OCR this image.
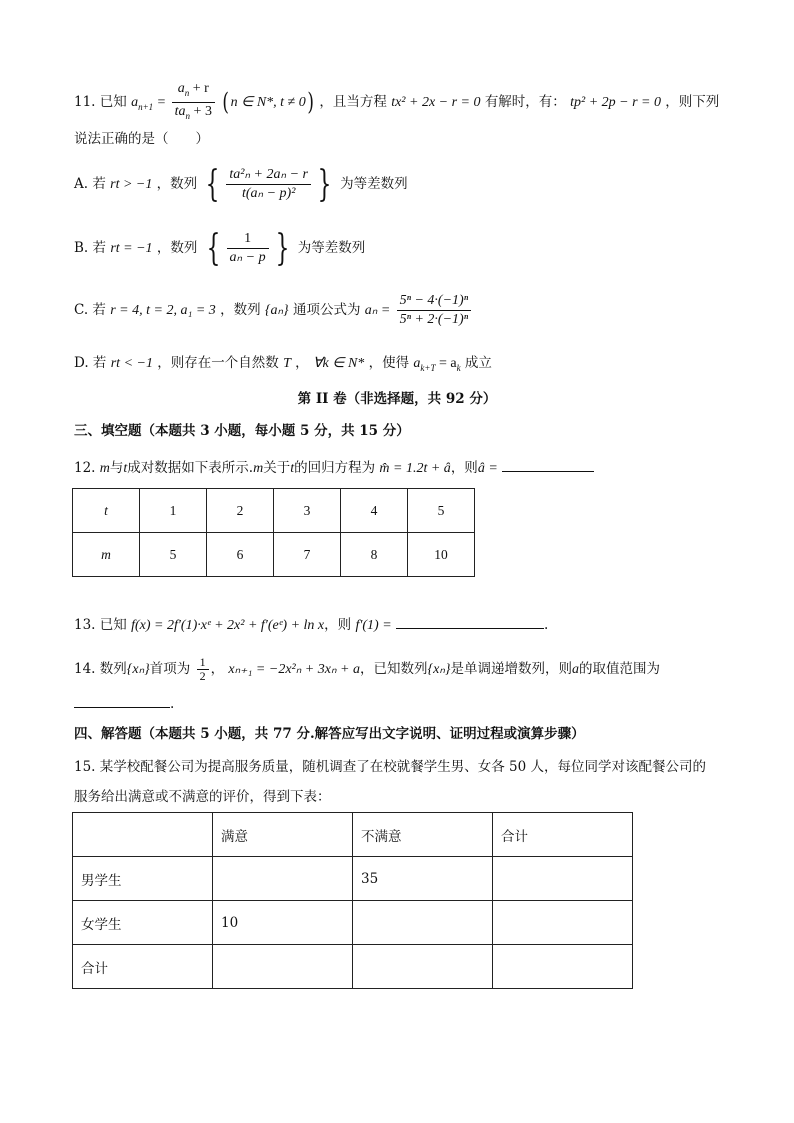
11. 已知 $a_{n+1} = \frac{a_n + r}{ta_n + 3} (n$ ∈ N*, t ≠ 0) ，且当方程 tx² + 2x − r = 0 有解时，有： tp² + 2p − r = 0 ，则下列
说法正确的是（　　）
A. 若 rt > −1 ，数列 { $\frac{\text{ta²ₙ + 2aₙ − r}}{\text{t(aₙ − p)²}}$ } 为等差数列
B. 若 rt = −1 ，数列 { $\frac{1}{\text{aₙ − p}}$ } 为等差数列
C. 若 r = 4, t = 2, a₁ = 3 ，数列 {aₙ} 通项公式为 $a_n = \frac{\text{5ⁿ − 4·(−1)ⁿ}}{\text{5ⁿ + 2·(−1)ⁿ}}$
D. 若 rt < −1 ，则存在一个自然数 T ， ∀k ∈ N* ，使得 $a_{k+T} = a_k$ 成立
第 II 卷（非选择题，共 92 分）
三、填空题（本题共 3 小题，每小题 5 分，共 15 分）
12. m与t成对数据如下表所示.m关于t的回归方程为 m̂ = 1.2t + â，则â =
t	1	2	3	4	5
m	5	6	7	8	10
13. 已知 f(x) = 2f′(1)·xᵉ + 2x² + f′(eᵉ) + ln x，则 f′(1) =	.
14. 数列{xₙ}首项为 $\frac{1}{2}$ ， xₙ₊₁ = −2x²ₙ + 3xₙ + a，已知数列{xₙ}是单调递增数列，则a的取值范围为
.
四、解答题（本题共 5 小题，共 77 分.解答应写出文字说明、证明过程或演算步骤）
15. 某学校配餐公司为提高服务质量，随机调查了在校就餐学生男、女各 50 人，每位同学对该配餐公司的
服务给出满意或不满意的评价，得到下表：
	满意	不满意	合计
男学生		35	
女学生	10		
合计			
